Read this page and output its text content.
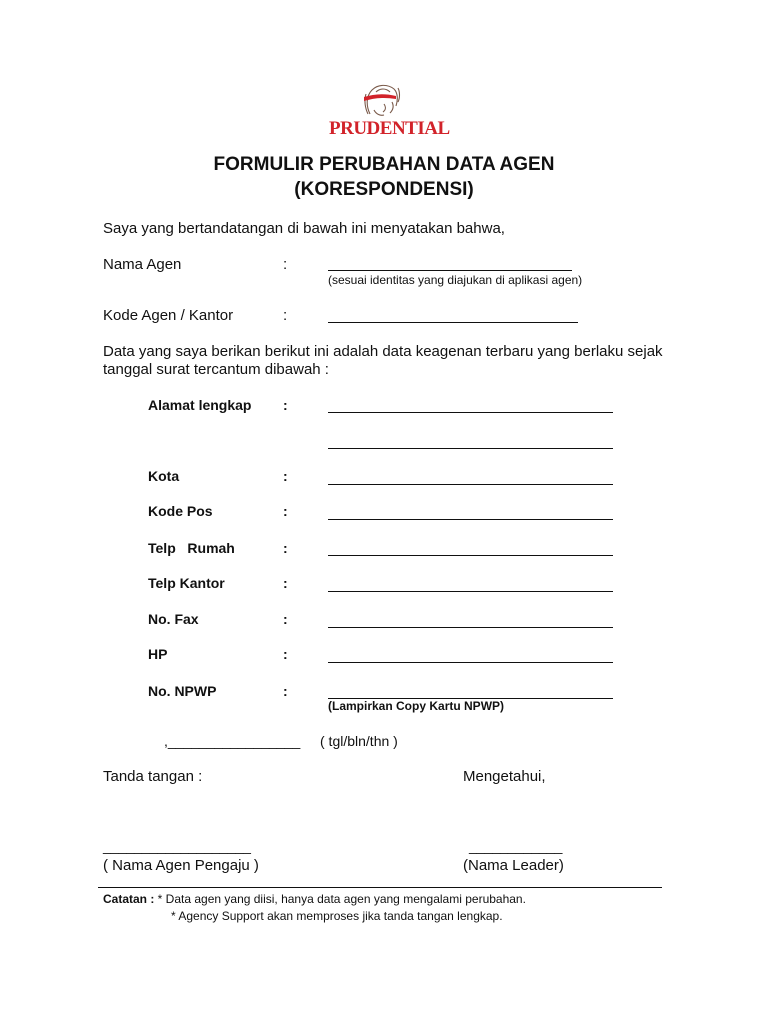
PRUDENTIAL
FORMULIR PERUBAHAN DATA AGEN
(KORESPONDENSI)
Saya yang bertandatangan di bawah ini menyatakan bahwa,
Nama Agen	:
(sesuai identitas yang diajukan di aplikasi agen)
Kode Agen / Kantor	:
Data yang saya berikan berikut ini adalah data keagenan terbaru yang berlaku sejak
tanggal surat tercantum dibawah :
Alamat lengkap :
Kota	:
Kode Pos	:
Telp   Rumah	:
Telp Kantor	:
No. Fax	:
HP	:
No. NPWP	:
(Lampirkan Copy Kartu NPWP)
,_________________ ( tgl/bln/thn )
Tanda tangan :	Mengetahui,
___________________	____________
( Nama Agen Pengaju )	(Nama Leader)
Catatan : * Data agen yang diisi, hanya data agen yang mengalami perubahan.
* Agency Support akan memproses jika tanda tangan lengkap.
